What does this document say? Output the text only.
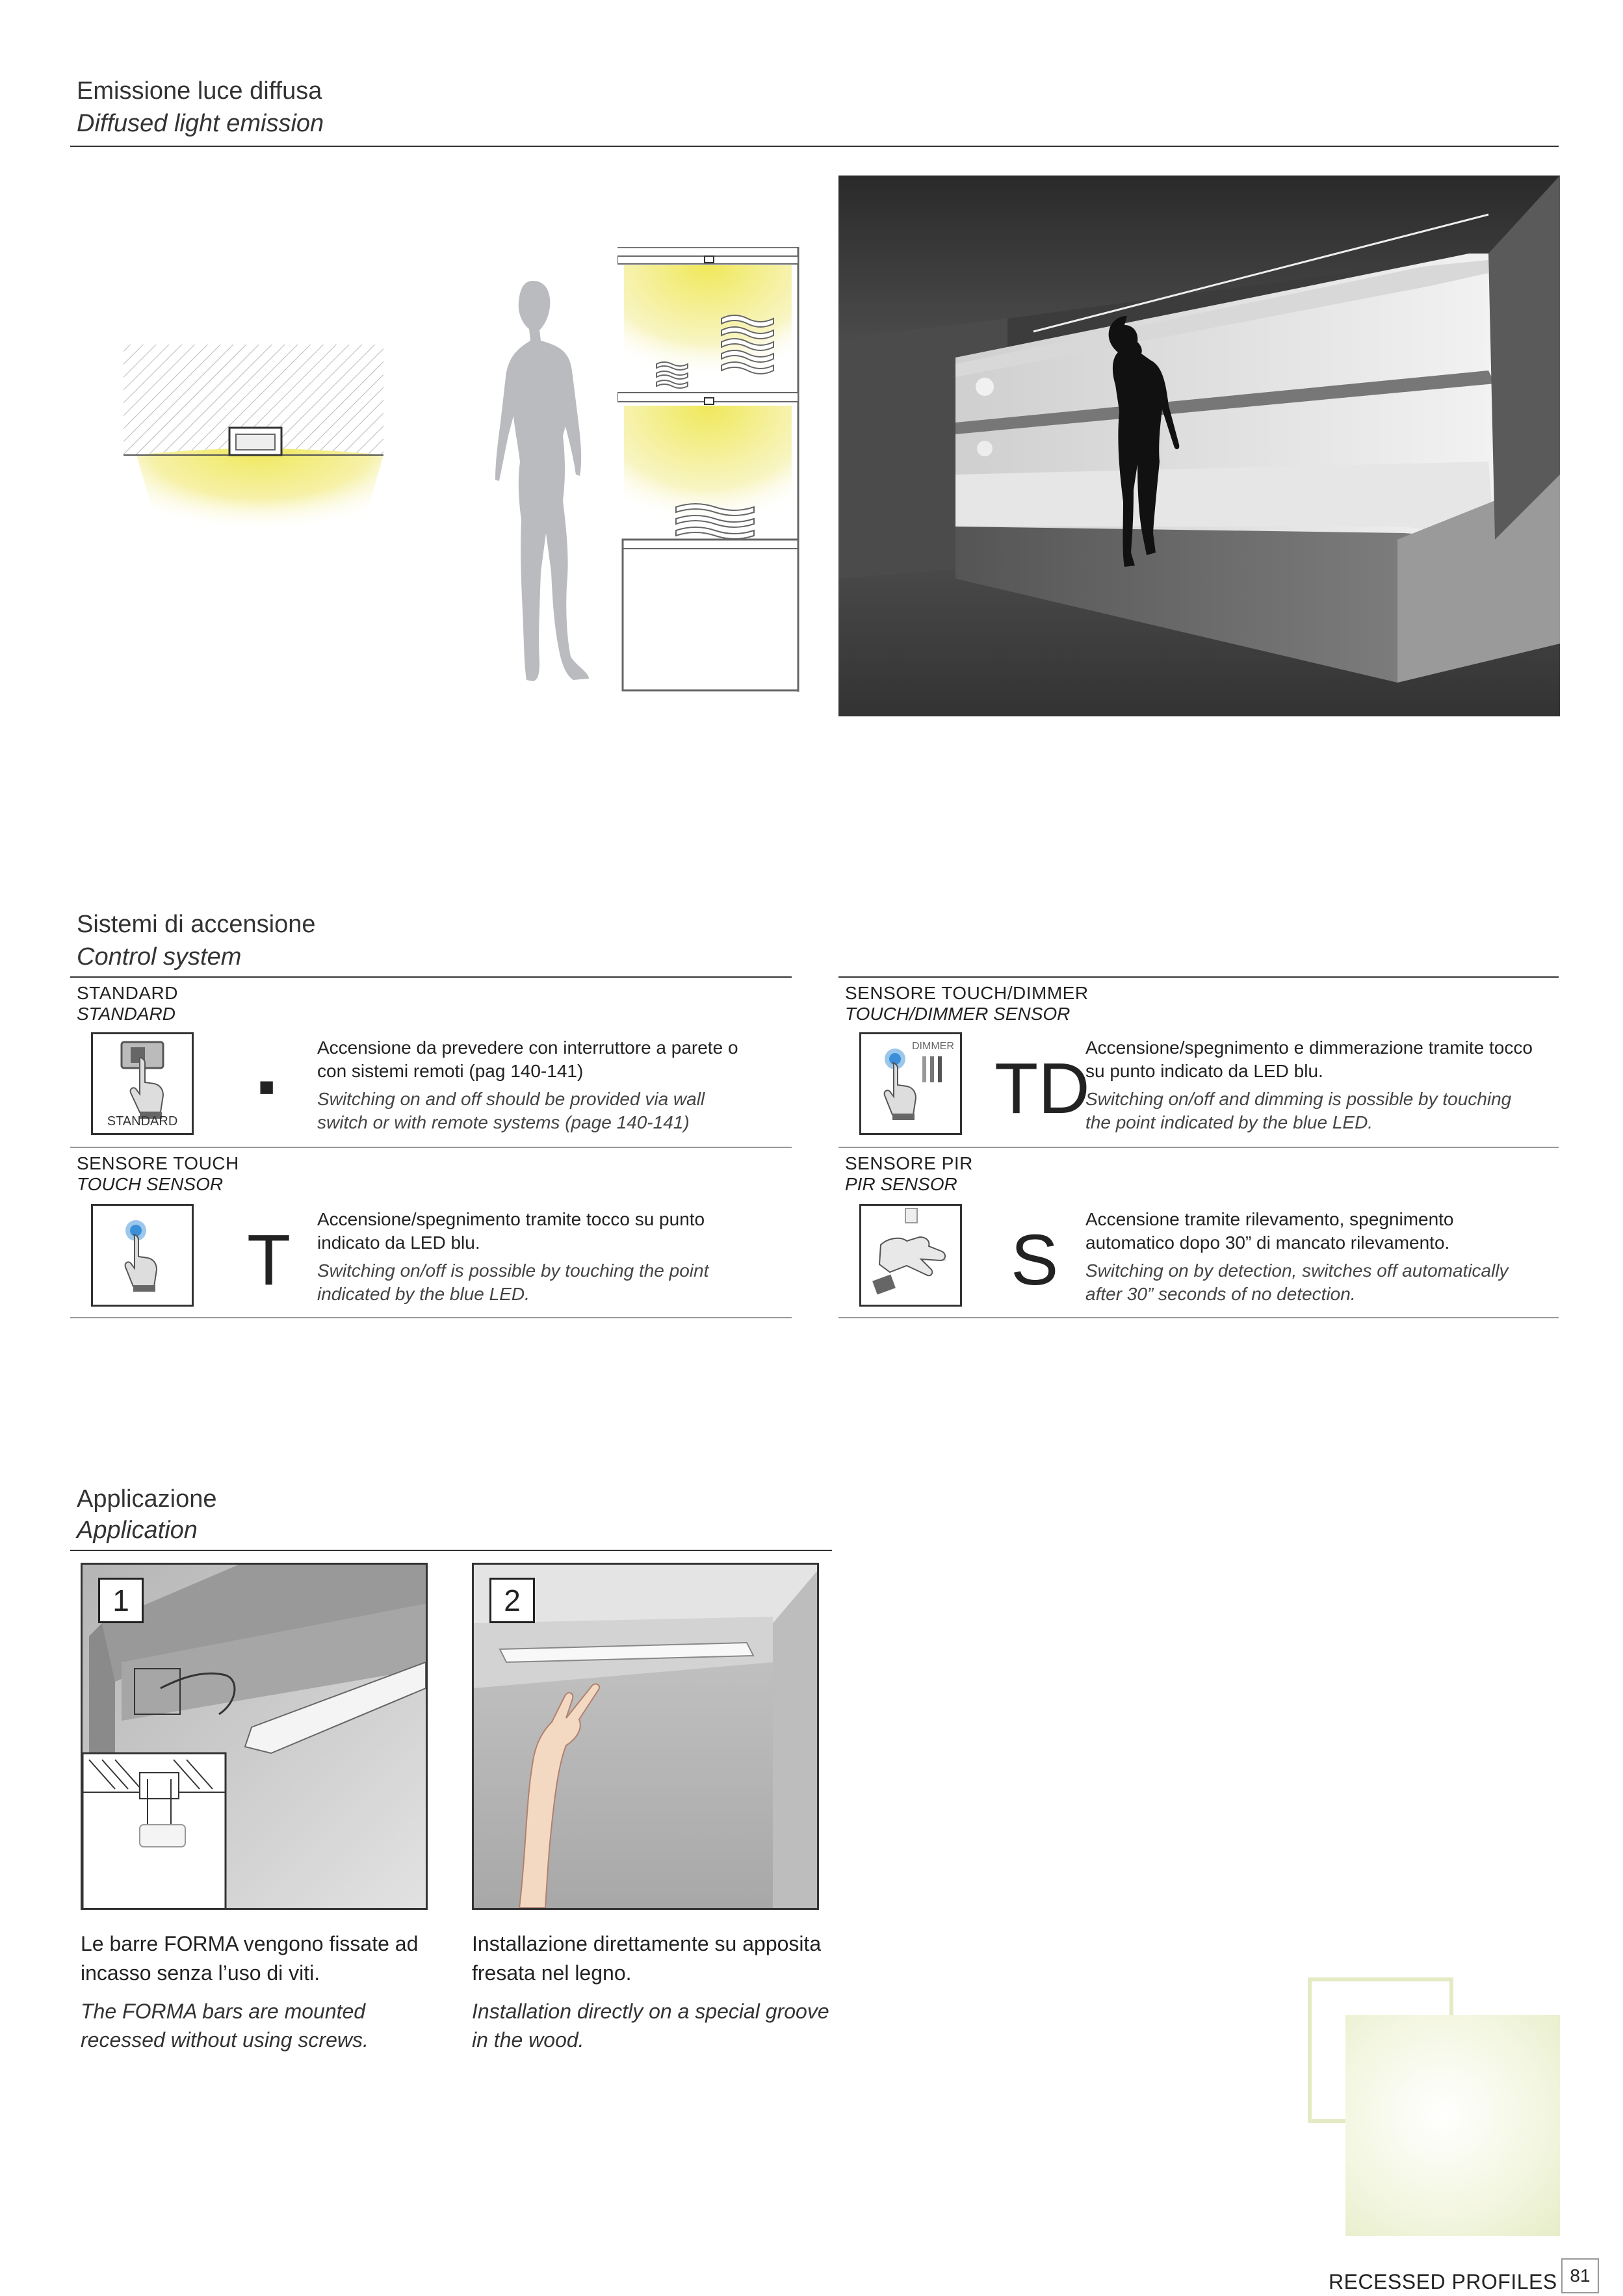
Emissione luce diffusa
Diffused light emission
Sistemi di accensione
Control system
STANDARD
STANDARD
STANDARD
■
Accensione da prevedere con interruttore a parete o con sistemi remoti (pag 140-141)
Switching on and off should be provided via wall switch or with remote systems (page 140-141)
SENSORE TOUCH/DIMMER
TOUCH/DIMMER SENSOR
DIMMER
TD
Accensione/spegnimento e dimmerazione tramite tocco su punto indicato da LED blu.
Switching on/off and dimming is possible by touching the point indicated by the blue LED.
SENSORE TOUCH
TOUCH SENSOR
T
Accensione/spegnimento tramite tocco su punto indicato da LED blu.
Switching on/off is possible by touching the point indicated by the blue LED.
SENSORE PIR
PIR SENSOR
S
Accensione tramite rilevamento, spegnimento automatico dopo 30” di mancato rilevamento.
Switching on by detection, switches off automatically after 30” seconds of no detection.
Applicazione
Application
1	2
Le barre FORMA vengono fissate ad incasso senza l’uso di viti.
The FORMA bars are mounted recessed without using screws.
Installazione direttamente su apposita fresata nel legno.
Installation directly on a special groove in the wood.
RECESSED PROFILES 81
